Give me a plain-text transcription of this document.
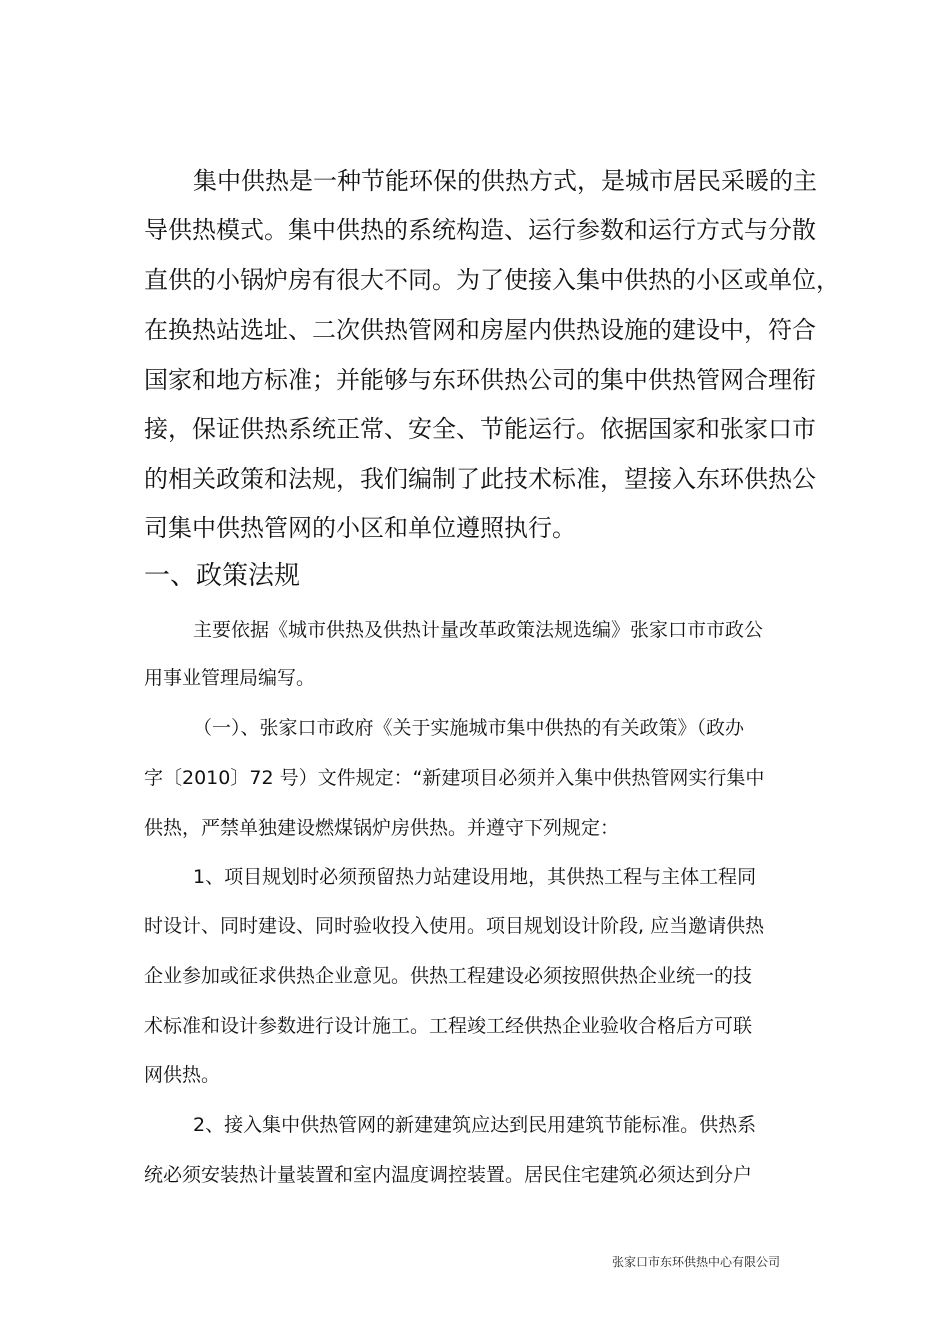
集中供热是一种节能环保的供热方式，是城市居民采暖的主
导供热模式。集中供热的系统构造、运行参数和运行方式与分散
直供的小锅炉房有很大不同。为了使接入集中供热的小区或单位，
在换热站选址、二次供热管网和房屋内供热设施的建设中，符合
国家和地方标准；并能够与东环供热公司的集中供热管网合理衔
接，保证供热系统正常、安全、节能运行。依据国家和张家口市
的相关政策和法规，我们编制了此技术标准，望接入东环供热公
司集中供热管网的小区和单位遵照执行。
一、政策法规
主要依据《城市供热及供热计量改革政策法规选编》张家口市市政公
用事业管理局编写。
（一）、张家口市政府《关于实施城市集中供热的有关政策》（政办
字〔2010〕72 号）文件规定：“新建项目必须并入集中供热管网实行集中
供热，严禁单独建设燃煤锅炉房供热。并遵守下列规定：
1、项目规划时必须预留热力站建设用地，其供热工程与主体工程同
时设计、同时建设、同时验收投入使用。项目规划设计阶段, 应当邀请供热
企业参加或征求供热企业意见。供热工程建设必须按照供热企业统一的技
术标准和设计参数进行设计施工。工程竣工经供热企业验收合格后方可联
网供热。
2、接入集中供热管网的新建建筑应达到民用建筑节能标准。供热系
统必须安装热计量装置和室内温度调控装置。居民住宅建筑必须达到分户
张家口市东环供热中心有限公司
